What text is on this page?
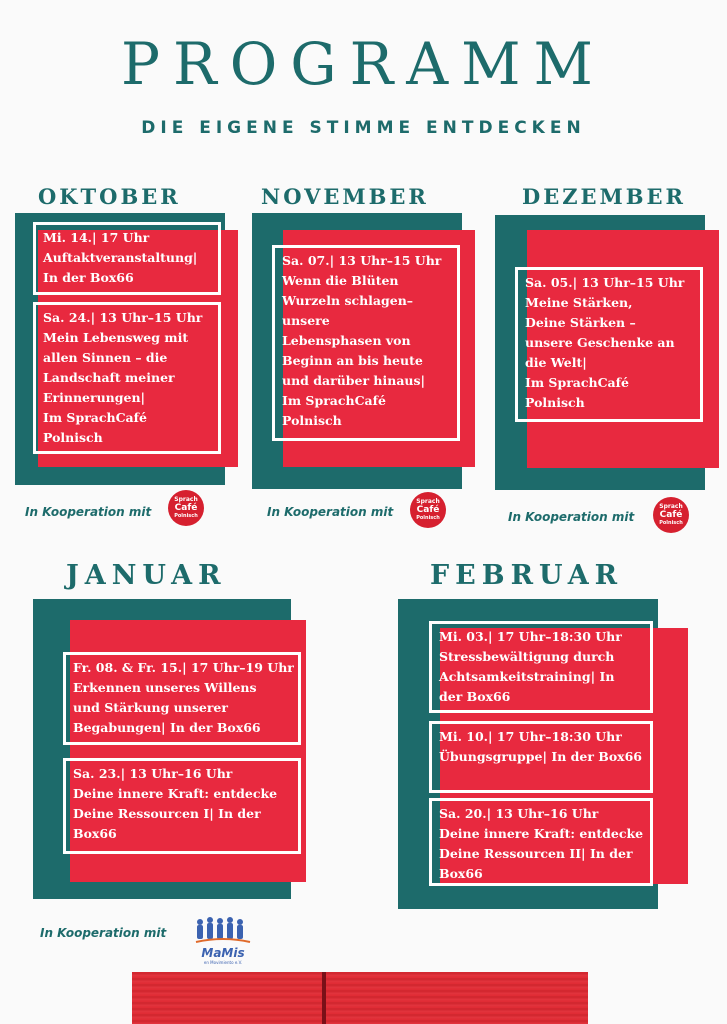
PROGRAMM
DIE EIGENE STIMME ENTDECKEN
OKTOBER
Mi. 14.| 17 Uhr
Auftaktveranstaltung|
In der Box66
Sa. 24.| 13 Uhr–15 Uhr
Mein Lebensweg mit
allen Sinnen – die
Landschaft meiner
Erinnerungen|
Im SprachCafé
Polnisch
In Kooperation mit
Sprach
Café
Polnisch
NOVEMBER
Sa. 07.| 13 Uhr–15 Uhr
Wenn die Blüten
Wurzeln schlagen–
unsere
Lebensphasen von
Beginn an bis heute
und darüber hinaus|
Im SprachCafé
Polnisch
In Kooperation mit
Sprach
Café
Polnisch
DEZEMBER
Sa. 05.| 13 Uhr–15 Uhr
Meine Stärken,
Deine Stärken –
unsere Geschenke an
die Welt|
Im SprachCafé
Polnisch
In Kooperation mit
Sprach
Café
Polnisch
JANUAR
Fr. 08. & Fr. 15.| 17 Uhr–19 Uhr
Erkennen unseres Willens
und Stärkung unserer
Begabungen| In der Box66
Sa. 23.| 13 Uhr–16 Uhr
Deine innere Kraft: entdecke
Deine Ressourcen I| In der
Box66
In Kooperation mit
MaMis
en Movimiento e.V.
FEBRUAR
Mi. 03.| 17 Uhr–18:30 Uhr
Stressbewältigung durch
Achtsamkeitstraining| In
der Box66
Mi. 10.| 17 Uhr–18:30 Uhr
Übungsgruppe| In der Box66
Sa. 20.| 13 Uhr–16 Uhr
Deine innere Kraft: entdecke
Deine Ressourcen II| In der
Box66
